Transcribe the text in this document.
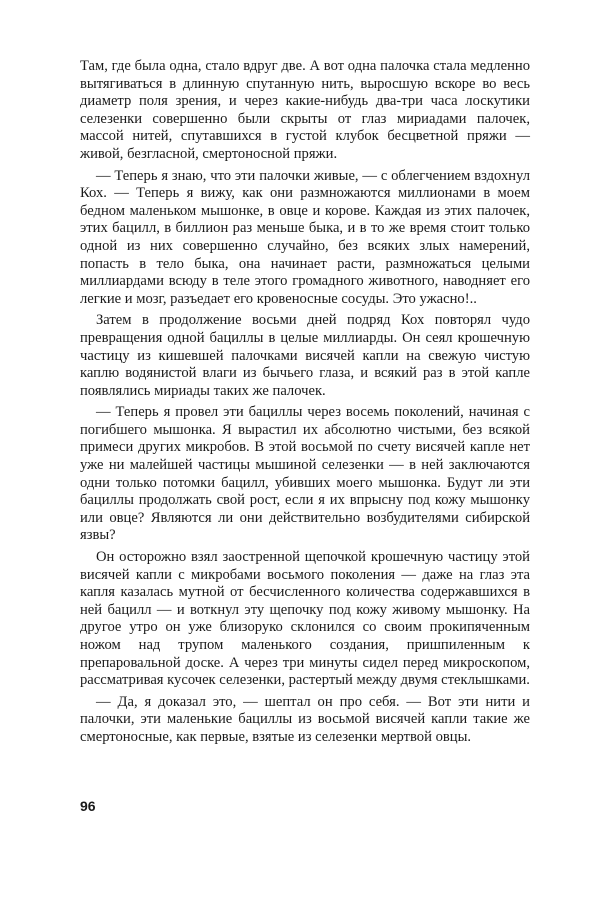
Там, где была одна, стало вдруг две. А вот одна палочка стала медленно вытягиваться в длинную спутанную нить, выросшую вскоре во весь диаметр поля зрения, и через какие-нибудь два-три часа лоскутики селезенки совершенно были скрыты от глаз мириадами палочек, массой нитей, спутавшихся в густой клубок бесцветной пряжи — живой, безгласной, смертоносной пряжи.

— Теперь я знаю, что эти палочки живые, — с облегчением вздохнул Кох. — Теперь я вижу, как они размножаются миллионами в моем бедном маленьком мышонке, в овце и корове. Каждая из этих палочек, этих бацилл, в биллион раз меньше быка, и в то же время стоит только одной из них совершенно случайно, без всяких злых намерений, попасть в тело быка, она начинает расти, размножаться целыми миллиардами всюду в теле этого громадного животного, наводняет его легкие и мозг, разъедает его кровеносные сосуды. Это ужасно!..

Затем в продолжение восьми дней подряд Кох повторял чудо превращения одной бациллы в целые миллиарды. Он сеял крошечную частицу из кишевшей палочками висячей капли на свежую чистую каплю водянистой влаги из бычьего глаза, и всякий раз в этой капле появлялись мириады таких же палочек.

— Теперь я провел эти бациллы через восемь поколений, начиная с погибшего мышонка. Я вырастил их абсолютно чистыми, без всякой примеси других микробов. В этой восьмой по счету висячей капле нет уже ни малейшей частицы мышиной селезенки — в ней заключаются одни только потомки бацилл, убивших моего мышонка. Будут ли эти бациллы продолжать свой рост, если я их впрысну под кожу мышонку или овце? Являются ли они действительно возбудителями сибирской язвы?

Он осторожно взял заостренной щепочкой крошечную частицу этой висячей капли с микробами восьмого поколения — даже на глаз эта капля казалась мутной от бесчисленного количества содержавшихся в ней бацилл — и воткнул эту щепочку под кожу живому мышонку. На другое утро он уже близоруко склонился со своим прокипяченным ножом над трупом маленького создания, пришпиленным к препаровальной доске. А через три минуты сидел перед микроскопом, рассматривая кусочек селезенки, растертый между двумя стеклышками.

— Да, я доказал это, — шептал он про себя. — Вот эти нити и палочки, эти маленькие бациллы из восьмой висячей капли такие же смертоносные, как первые, взятые из селезенки мертвой овцы.

96
